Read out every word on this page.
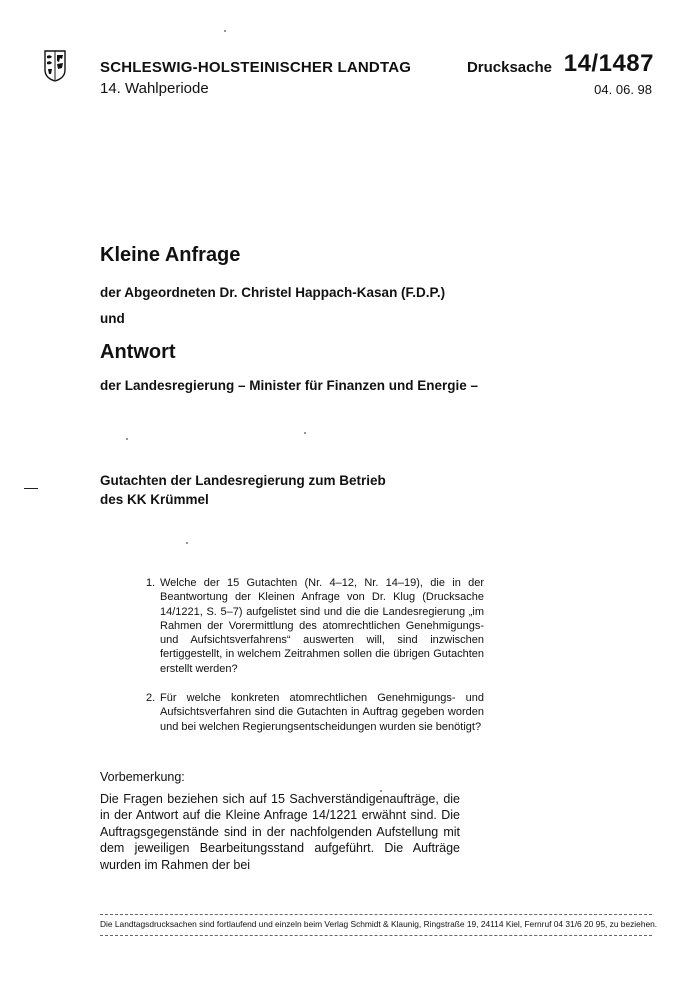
SCHLESWIG-HOLSTEINISCHER LANDTAG
14. Wahlperiode
Drucksache 14/1487
04. 06. 98
Kleine Anfrage
der Abgeordneten Dr. Christel Happach-Kasan (F.D.P.)
und
Antwort
der Landesregierung – Minister für Finanzen und Energie –
Gutachten der Landesregierung zum Betrieb
des KK Krümmel
1. Welche der 15 Gutachten (Nr. 4–12, Nr. 14–19), die in der Beantwortung der Kleinen Anfrage von Dr. Klug (Drucksache 14/1221, S. 5–7) aufgelistet sind und die die Landesregierung „im Rahmen der Vorermittlung des atomrechtlichen Genehmigungs- und Aufsichtsverfahrens“ auswerten will, sind inzwischen fertiggestellt, in welchem Zeitrahmen sollen die übrigen Gutachten erstellt werden?
2. Für welche konkreten atomrechtlichen Genehmigungs- und Aufsichtsverfahren sind die Gutachten in Auftrag gegeben worden und bei welchen Regierungsentscheidungen wurden sie benötigt?
Vorbemerkung:
Die Fragen beziehen sich auf 15 Sachverständigenaufträge, die in der Antwort auf die Kleine Anfrage 14/1221 erwähnt sind. Die Auftragsgegenstände sind in der nachfolgenden Aufstellung mit dem jeweiligen Bearbeitungsstand aufgeführt. Die Aufträge wurden im Rahmen der bei
Die Landtagsdrucksachen sind fortlaufend und einzeln beim Verlag Schmidt & Klaunig, Ringstraße 19, 24114 Kiel, Fernruf 04 31/6 20 95, zu beziehen.
